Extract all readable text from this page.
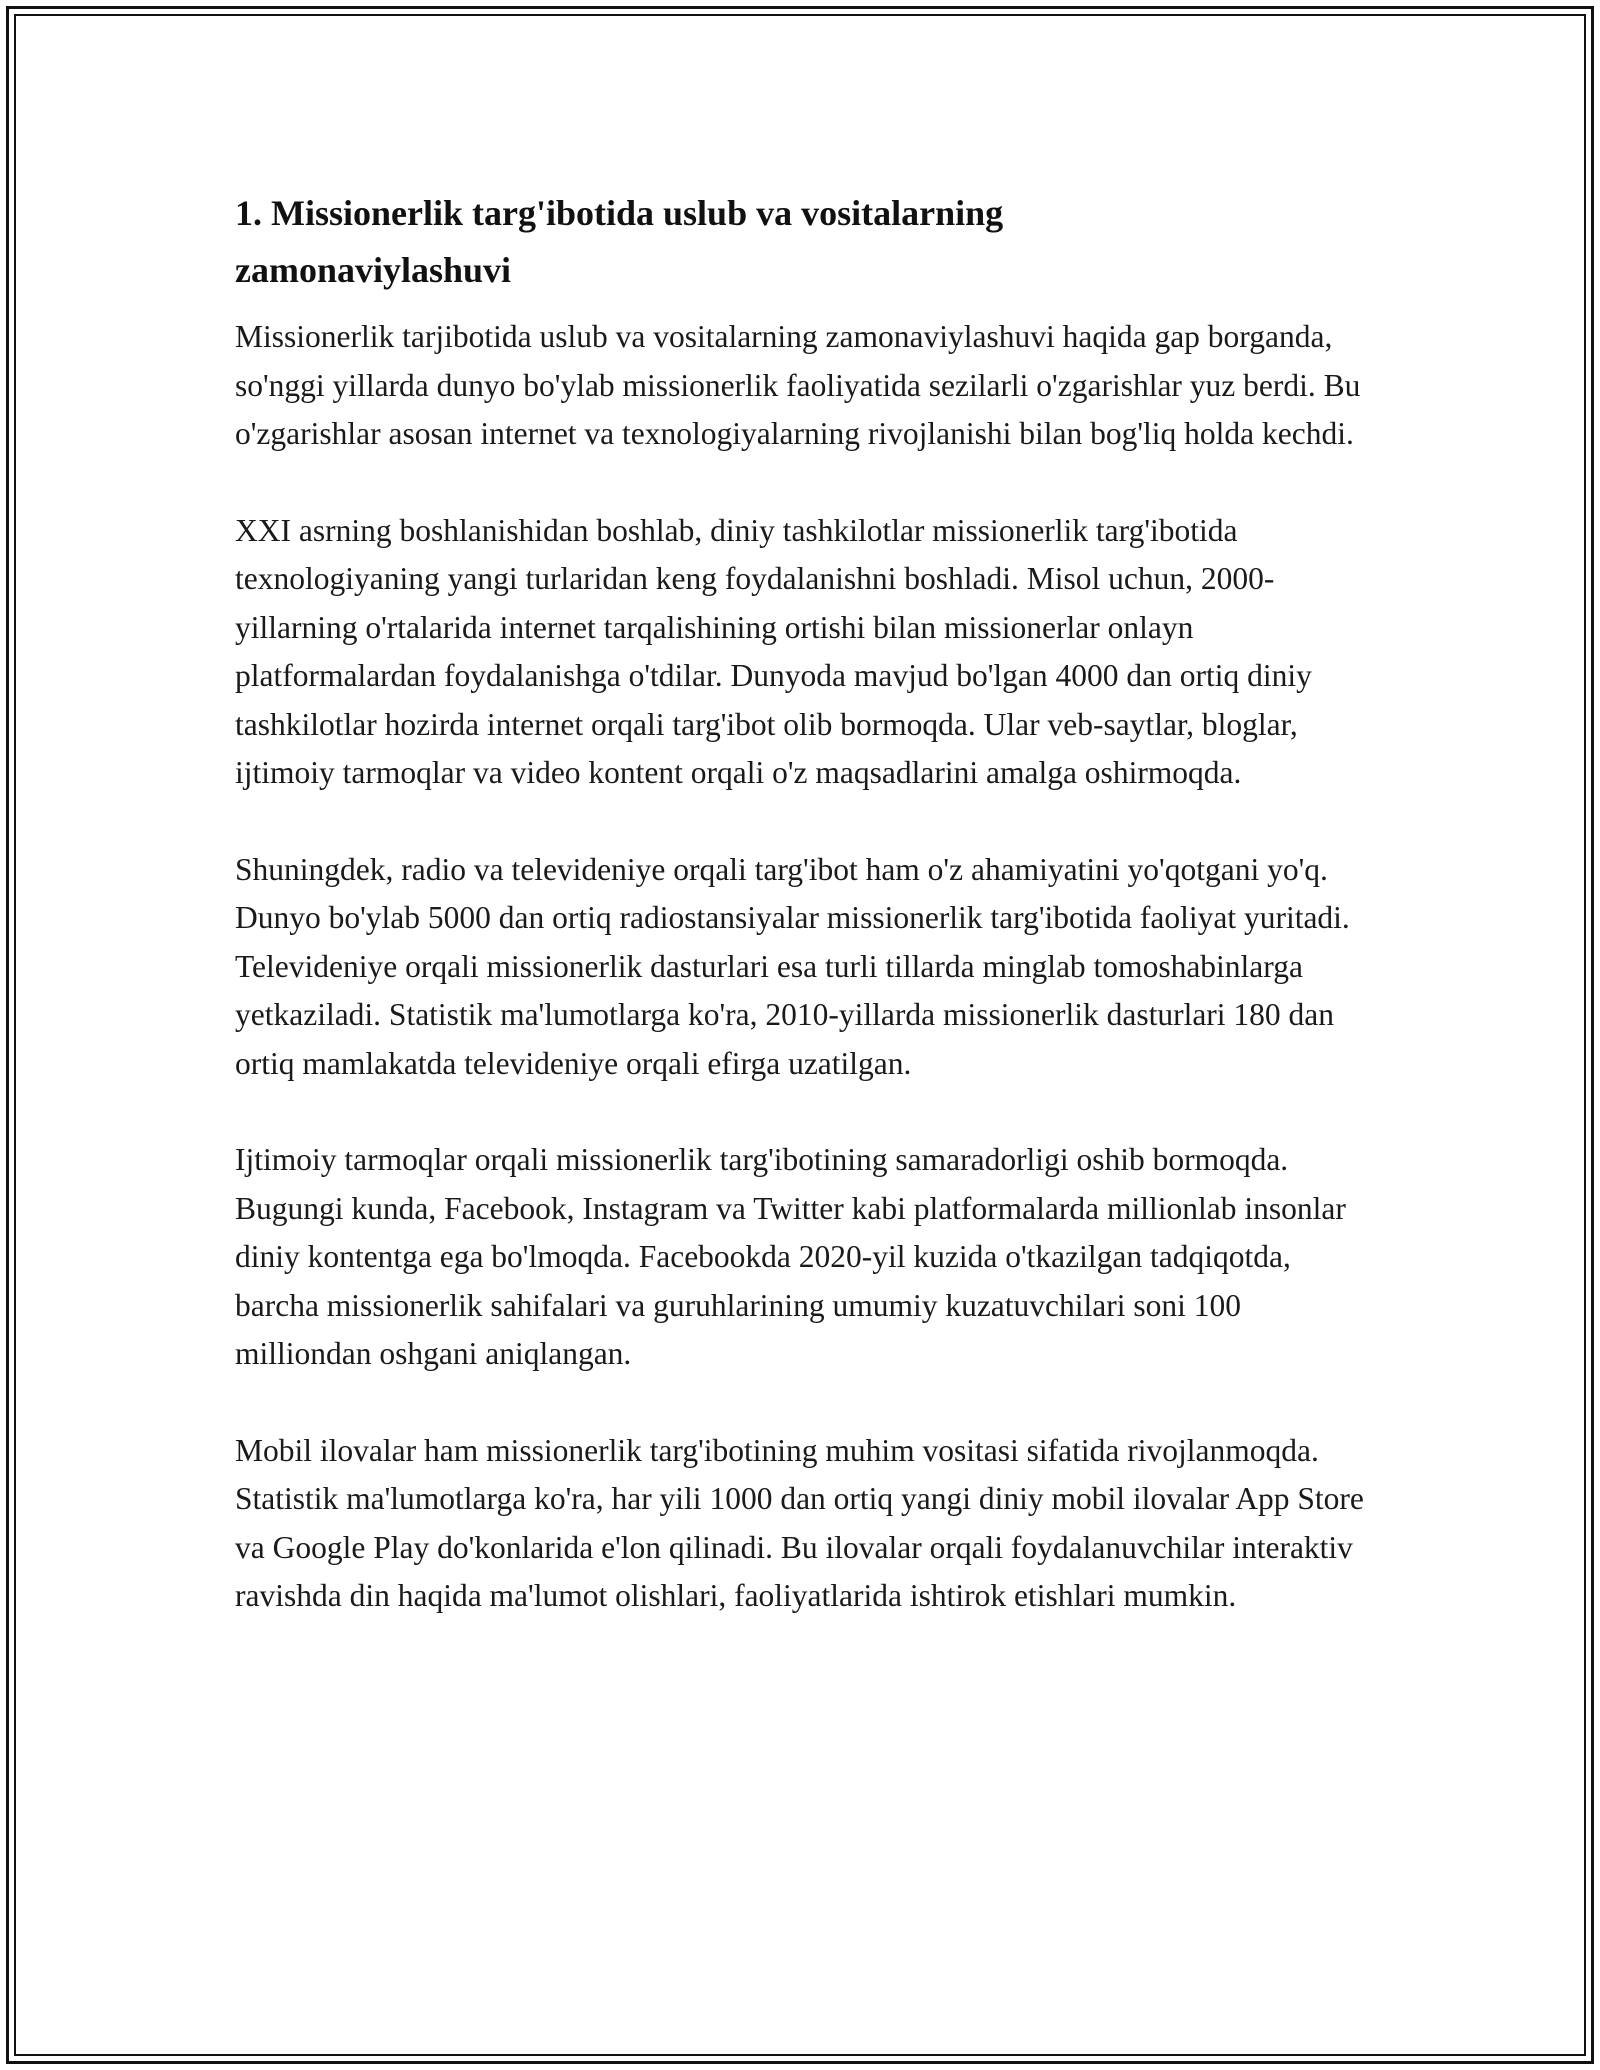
1. Missionerlik targ'ibotida uslub va vositalarning
zamonaviylashuvi

Missionerlik tarjibotida uslub va vositalarning zamonaviylashuvi haqida gap borganda, so'nggi yillarda dunyo bo'ylab missionerlik faoliyatida sezilarli o'zgarishlar yuz berdi. Bu o'zgarishlar asosan internet va texnologiyalarning rivojlanishi bilan bog'liq holda kechdi.

XXI asrning boshlanishidan boshlab, diniy tashkilotlar missionerlik targ'ibotida texnologiyaning yangi turlaridan keng foydalanishni boshladi. Misol uchun, 2000-yillarning o'rtalarida internet tarqalishining ortishi bilan missionerlar onlayn platformalardan foydalanishga o'tdilar. Dunyoda mavjud bo'lgan 4000 dan ortiq diniy tashkilotlar hozirda internet orqali targ'ibot olib bormoqda. Ular veb-saytlar, bloglar, ijtimoiy tarmoqlar va video kontent orqali o'z maqsadlarini amalga oshirmoqda.

Shuningdek, radio va televideniye orqali targ'ibot ham o'z ahamiyatini yo'qotgani yo'q. Dunyo bo'ylab 5000 dan ortiq radiostansiyalar missionerlik targ'ibotida faoliyat yuritadi. Televideniye orqali missionerlik dasturlari esa turli tillarda minglab tomoshabinlarga yetkaziladi. Statistik ma'lumotlarga ko'ra, 2010-yillarda missionerlik dasturlari 180 dan ortiq mamlakatda televideniye orqali efirga uzatilgan.

Ijtimoiy tarmoqlar orqali missionerlik targ'ibotining samaradorligi oshib bormoqda. Bugungi kunda, Facebook, Instagram va Twitter kabi platformalarda millionlab insonlar diniy kontentga ega bo'lmoqda. Facebookda 2020-yil kuzida o'tkazilgan tadqiqotda, barcha missionerlik sahifalari va guruhlarining umumiy kuzatuvchilari soni 100 milliondan oshgani aniqlangan.

Mobil ilovalar ham missionerlik targ'ibotining muhim vositasi sifatida rivojlanmoqda. Statistik ma'lumotlarga ko'ra, har yili 1000 dan ortiq yangi diniy mobil ilovalar App Store va Google Play do'konlarida e'lon qilinadi. Bu ilovalar orqali foydalanuvchilar interaktiv ravishda din haqida ma'lumot olishlari, faoliyatlarida ishtirok etishlari mumkin.
